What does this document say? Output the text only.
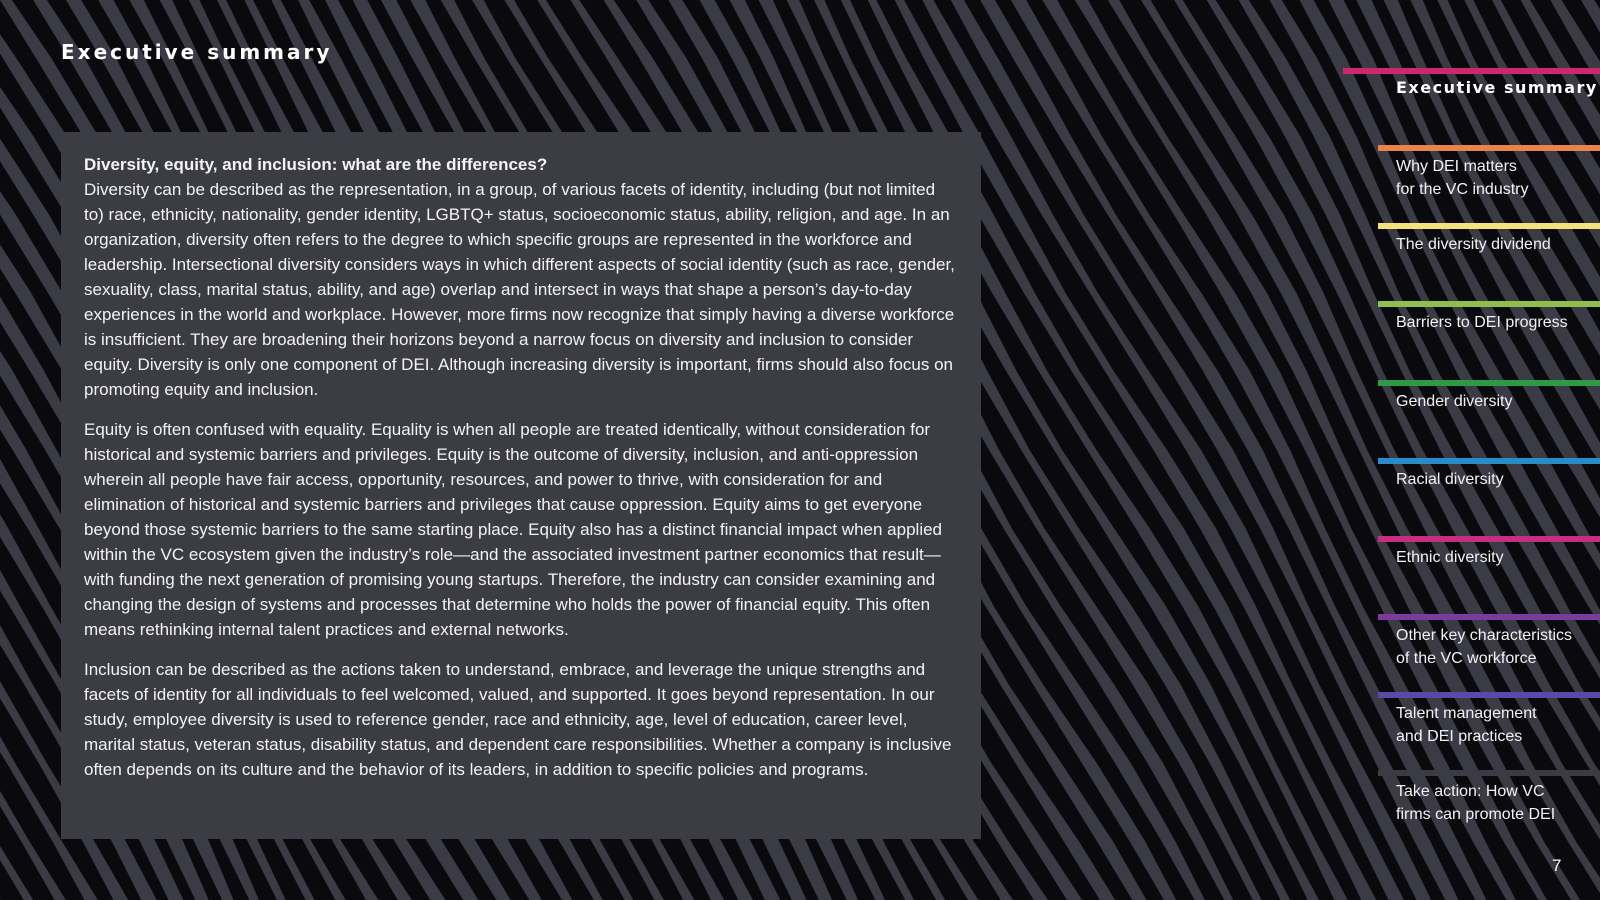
Executive summary

Diversity, equity, and inclusion: what are the differences?
Diversity can be described as the representation, in a group, of various facets of identity, including (but not limited to) race, ethnicity, nationality, gender identity, LGBTQ+ status, socioeconomic status, ability, religion, and age. In an organization, diversity often refers to the degree to which specific groups are represented in the workforce and leadership. Intersectional diversity considers ways in which different aspects of social identity (such as race, gender, sexuality, class, marital status, ability, and age) overlap and intersect in ways that shape a person’s day-to-day experiences in the world and workplace. However, more firms now recognize that simply having a diverse workforce is insufficient. They are broadening their horizons beyond a narrow focus on diversity and inclusion to consider equity. Diversity is only one component of DEI. Although increasing diversity is important, firms should also focus on promoting equity and inclusion.

Equity is often confused with equality. Equality is when all people are treated identically, without consideration for historical and systemic barriers and privileges. Equity is the outcome of diversity, inclusion, and anti-oppression wherein all people have fair access, opportunity, resources, and power to thrive, with consideration for and elimination of historical and systemic barriers and privileges that cause oppression. Equity aims to get everyone beyond those systemic barriers to the same starting place. Equity also has a distinct financial impact when applied within the VC ecosystem given the industry’s role—and the associated investment partner economics that result—with funding the next generation of promising young startups. Therefore, the industry can consider examining and changing the design of systems and processes that determine who holds the power of financial equity. This often means rethinking internal talent practices and external networks.

Inclusion can be described as the actions taken to understand, embrace, and leverage the unique strengths and facets of identity for all individuals to feel welcomed, valued, and supported. It goes beyond representation. In our study, employee diversity is used to reference gender, race and ethnicity, age, level of education, career level, marital status, veteran status, disability status, and dependent care responsibilities. Whether a company is inclusive often depends on its culture and the behavior of its leaders, in addition to specific policies and programs.

Executive summary
Why DEI matters
for the VC industry
The diversity dividend
Barriers to DEI progress
Gender diversity
Racial diversity
Ethnic diversity
Other key characteristics
of the VC workforce
Talent management
and DEI practices
Take action: How VC
firms can promote DEI
7
